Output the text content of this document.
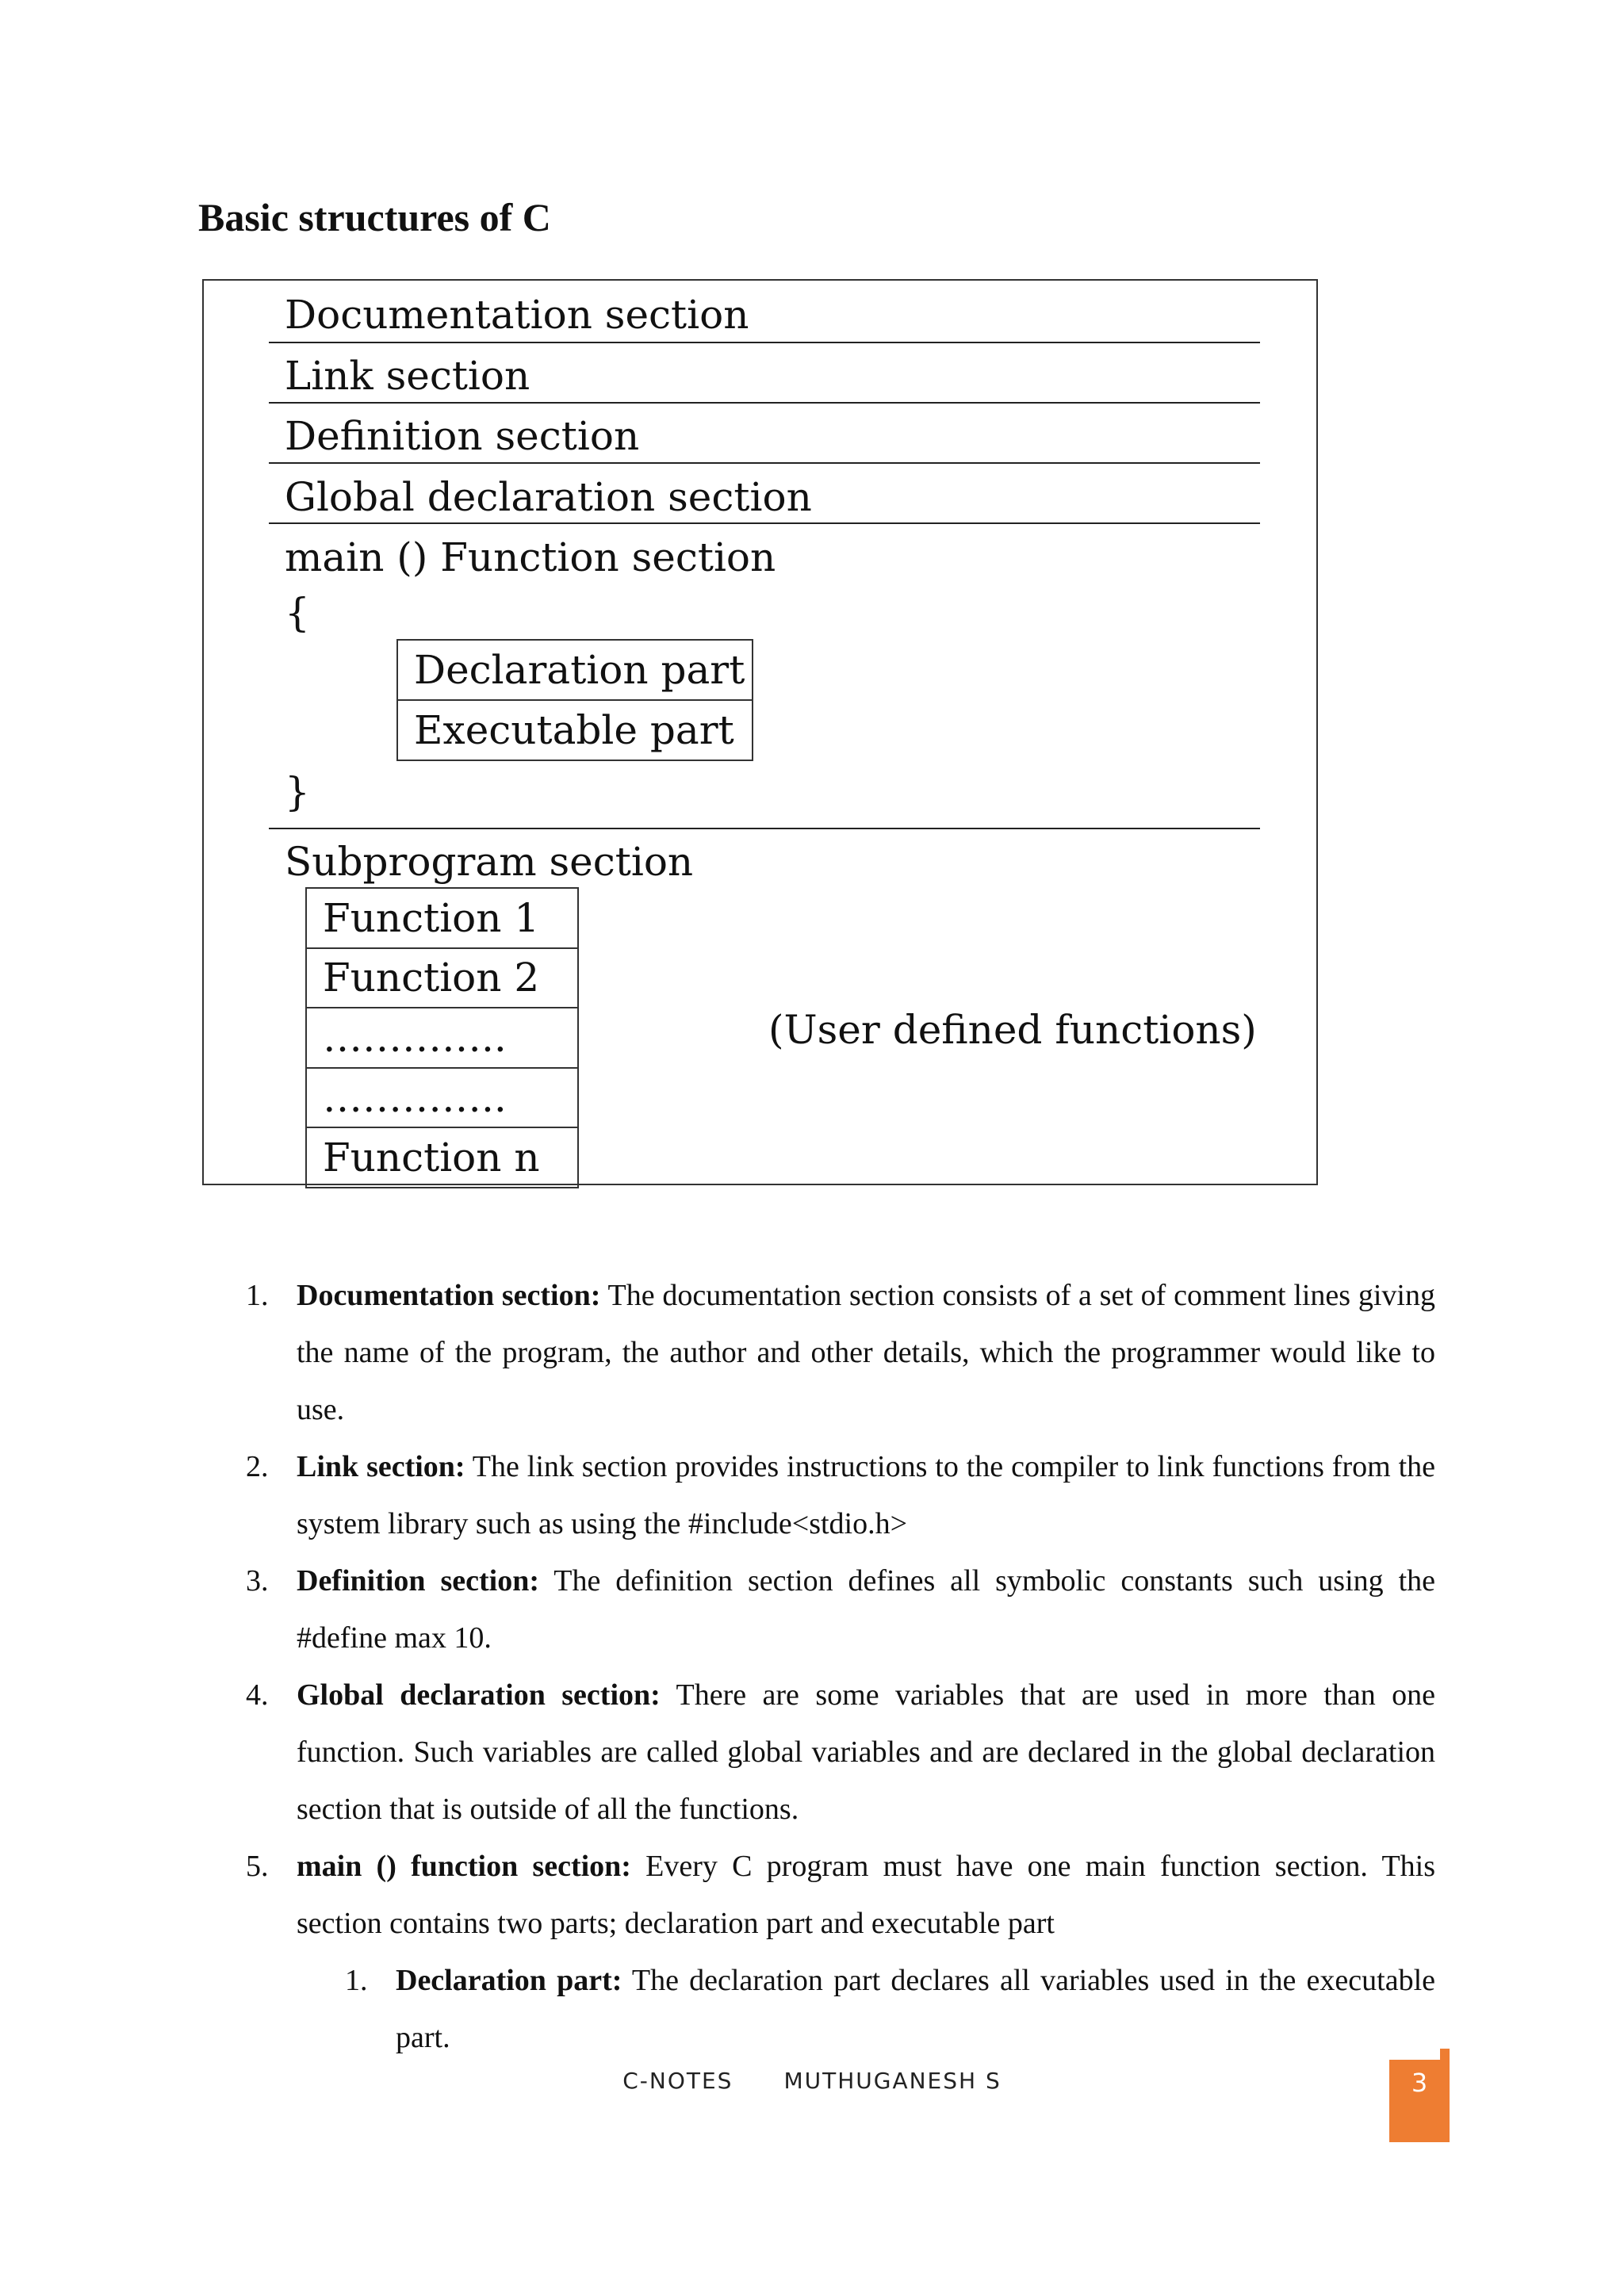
Basic structures of C
Documentation section
Link section
Definition section
Global declaration section
main () Function section
{
Declaration part
Executable part
}
Subprogram section
Function 1
Function 2
…………..
…………..
Function n
(User defined functions)
1. Documentation section: The documentation section consists of a set of comment lines giving the name of the program, the author and other details, which the programmer would like to use.
2. Link section: The link section provides instructions to the compiler to link functions from the system library such as using the #include<stdio.h>
3. Definition section: The definition section defines all symbolic constants such using the #define max 10.
4. Global declaration section: There are some variables that are used in more than one function. Such variables are called global variables and are declared in the global declaration section that is outside of all the functions.
5. main () function section: Every C program must have one main function section. This section contains two parts; declaration part and executable part
1. Declaration part: The declaration part declares all variables used in the executable part.
C-NOTES MUTHUGANESH S	3
